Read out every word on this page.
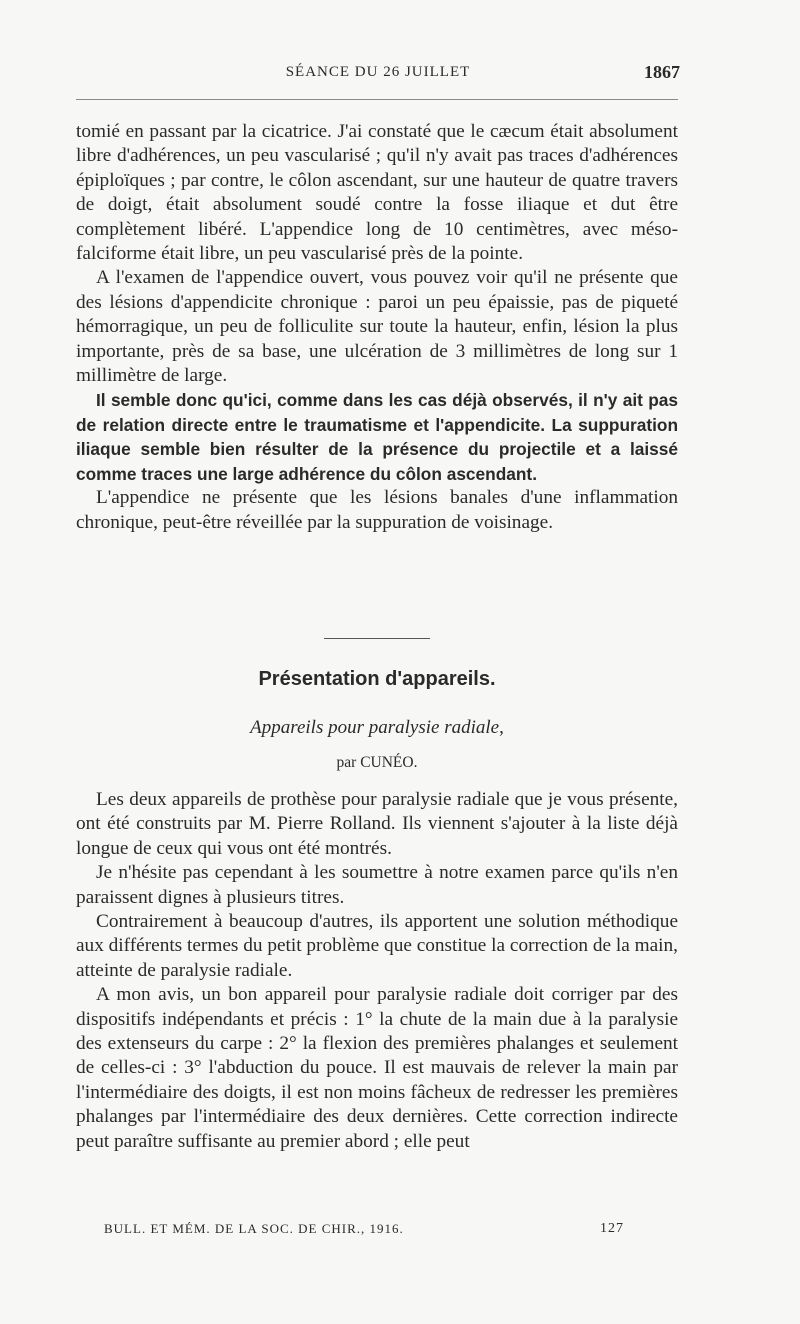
SÉANCE DU 26 JUILLET	1867

tomié en passant par la cicatrice. J'ai constaté que le cæcum était absolument libre d'adhérences, un peu vascularisé ; qu'il n'y avait pas traces d'adhérences épiploïques ; par contre, le côlon ascendant, sur une hauteur de quatre travers de doigt, était absolument soudé contre la fosse iliaque et dut être complètement libéré. L'appendice long de 10 centimètres, avec méso-falciforme était libre, un peu vascularisé près de la pointe.

A l'examen de l'appendice ouvert, vous pouvez voir qu'il ne présente que des lésions d'appendicite chronique : paroi un peu épaissie, pas de piqueté hémorragique, un peu de folliculite sur toute la hauteur, enfin, lésion la plus importante, près de sa base, une ulcération de 3 millimètres de long sur 1 millimètre de large.

Il semble donc qu'ici, comme dans les cas déjà observés, il n'y ait pas de relation directe entre le traumatisme et l'appendicite. La suppuration iliaque semble bien résulter de la présence du projectile et a laissé comme traces une large adhérence du côlon ascendant.

L'appendice ne présente que les lésions banales d'une inflammation chronique, peut-être réveillée par la suppuration de voisinage.

Présentation d'appareils.
Appareils pour paralysie radiale,
par CUNÉO.

Les deux appareils de prothèse pour paralysie radiale que je vous présente, ont été construits par M. Pierre Rolland. Ils viennent s'ajouter à la liste déjà longue de ceux qui vous ont été montrés.

Je n'hésite pas cependant à les soumettre à notre examen parce qu'ils n'en paraissent dignes à plusieurs titres.

Contrairement à beaucoup d'autres, ils apportent une solution méthodique aux différents termes du petit problème que constitue la correction de la main, atteinte de paralysie radiale.

A mon avis, un bon appareil pour paralysie radiale doit corriger par des dispositifs indépendants et précis : 1° la chute de la main due à la paralysie des extenseurs du carpe : 2° la flexion des premières phalanges et seulement de celles-ci : 3° l'abduction du pouce. Il est mauvais de relever la main par l'intermédiaire des doigts, il est non moins fâcheux de redresser les premières phalanges par l'intermédiaire des deux dernières. Cette correction indirecte peut paraître suffisante au premier abord ; elle peut

BULL. ET MÉM. DE LA SOC. DE CHIR., 1916.	127
